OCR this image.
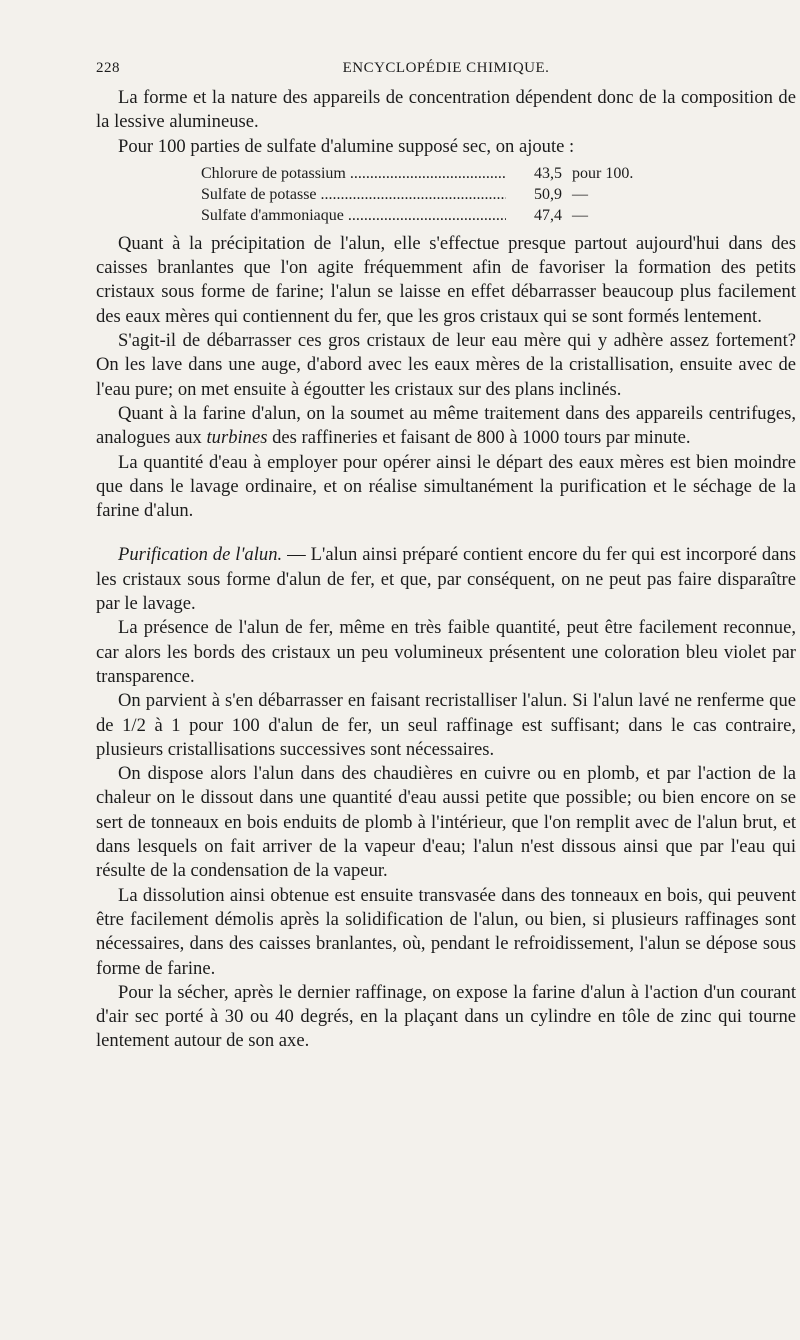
228	ENCYCLOPÉDIE CHIMIQUE.

La forme et la nature des appareils de concentration dépendent donc de la composition de la lessive alumineuse.

Pour 100 parties de sulfate d'alumine supposé sec, on ajoute :

Chlorure de potassium .....	43,5 pour 100.
Sulfate de potasse .....	50,9 —
Sulfate d'ammoniaque .....	47,4 —

Quant à la précipitation de l'alun, elle s'effectue presque partout aujourd'hui dans des caisses branlantes que l'on agite fréquemment afin de favoriser la formation des petits cristaux sous forme de farine; l'alun se laisse en effet débarrasser beaucoup plus facilement des eaux mères qui contiennent du fer, que les gros cristaux qui se sont formés lentement.

S'agit-il de débarrasser ces gros cristaux de leur eau mère qui y adhère assez fortement? On les lave dans une auge, d'abord avec les eaux mères de la cristallisation, ensuite avec de l'eau pure; on met ensuite à égoutter les cristaux sur des plans inclinés.

Quant à la farine d'alun, on la soumet au même traitement dans des appareils centrifuges, analogues aux turbines des raffineries et faisant de 800 à 1000 tours par minute.

La quantité d'eau à employer pour opérer ainsi le départ des eaux mères est bien moindre que dans le lavage ordinaire, et on réalise simultanément la purification et le séchage de la farine d'alun.

Purification de l'alun. — L'alun ainsi préparé contient encore du fer qui est incorporé dans les cristaux sous forme d'alun de fer, et que, par conséquent, on ne peut pas faire disparaître par le lavage.

La présence de l'alun de fer, même en très faible quantité, peut être facilement reconnue, car alors les bords des cristaux un peu volumineux présentent une coloration bleu violet par transparence.

On parvient à s'en débarrasser en faisant recristalliser l'alun. Si l'alun lavé ne renferme que de 1/2 à 1 pour 100 d'alun de fer, un seul raffinage est suffisant; dans le cas contraire, plusieurs cristallisations successives sont nécessaires.

On dispose alors l'alun dans des chaudières en cuivre ou en plomb, et par l'action de la chaleur on le dissout dans une quantité d'eau aussi petite que possible; ou bien encore on se sert de tonneaux en bois enduits de plomb à l'intérieur, que l'on remplit avec de l'alun brut, et dans lesquels on fait arriver de la vapeur d'eau; l'alun n'est dissous ainsi que par l'eau qui résulte de la condensation de la vapeur.

La dissolution ainsi obtenue est ensuite transvasée dans des tonneaux en bois, qui peuvent être facilement démolis après la solidification de l'alun, ou bien, si plusieurs raffinages sont nécessaires, dans des caisses branlantes, où, pendant le refroidissement, l'alun se dépose sous forme de farine.

Pour la sécher, après le dernier raffinage, on expose la farine d'alun à l'action d'un courant d'air sec porté à 30 ou 40 degrés, en la plaçant dans un cylindre en tôle de zinc qui tourne lentement autour de son axe.
